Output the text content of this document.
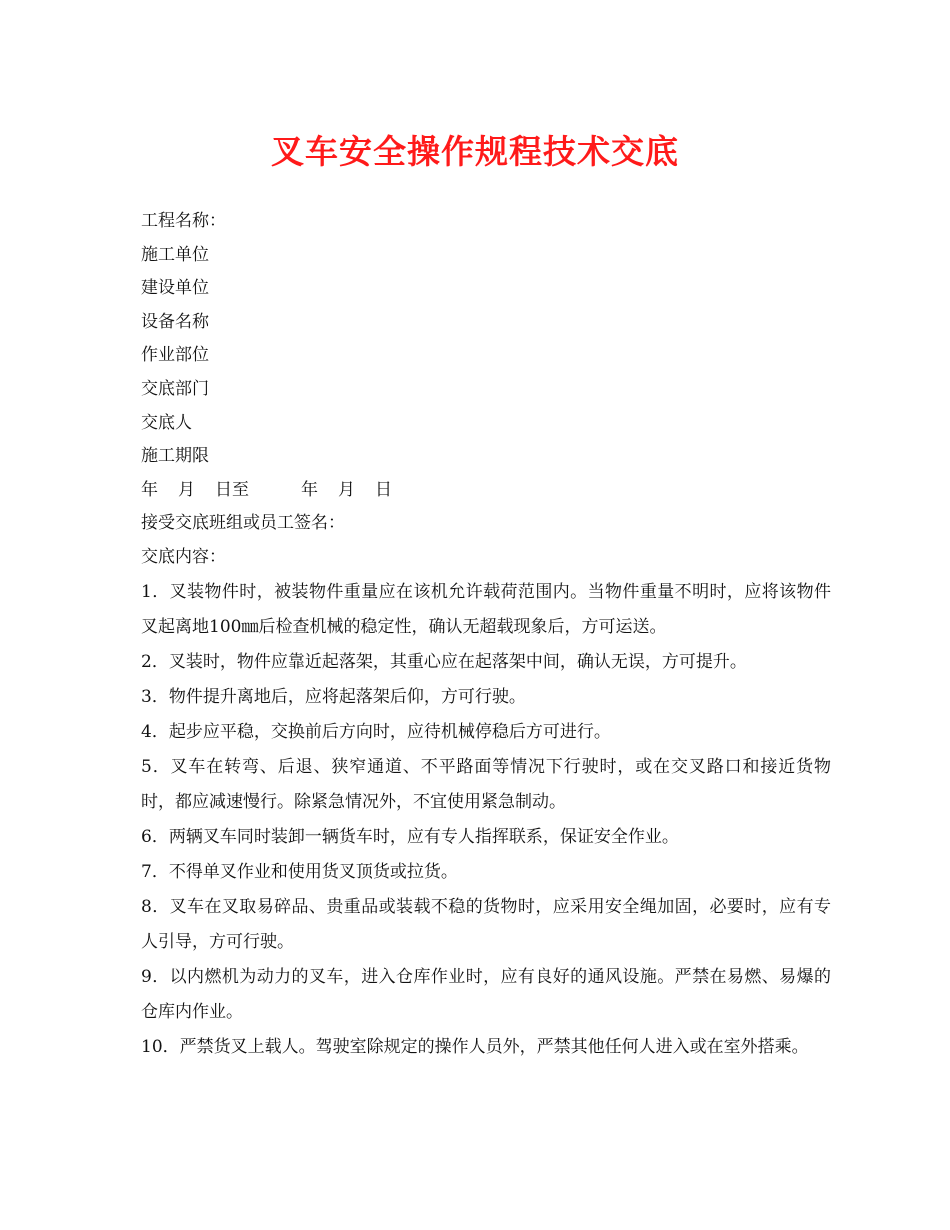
叉车安全操作规程技术交底

工程名称：

施工单位

建设单位

设备名称

作业部位

交底部门

交底人

施工期限

年 月 日至	年 月 日

接受交底班组或员工签名：

交底内容：

1．叉装物件时，被装物件重量应在该机允许载荷范围内。当物件重量不明时，应将该物件叉起离地100㎜后检查机械的稳定性，确认无超载现象后，方可运送。

2．叉装时，物件应靠近起落架，其重心应在起落架中间，确认无误，方可提升。

3．物件提升离地后，应将起落架后仰，方可行驶。

4．起步应平稳，交换前后方向时，应待机械停稳后方可进行。

5．叉车在转弯、后退、狭窄通道、不平路面等情况下行驶时，或在交叉路口和接近货物时，都应减速慢行。除紧急情况外，不宜使用紧急制动。

6．两辆叉车同时装卸一辆货车时，应有专人指挥联系，保证安全作业。

7．不得单叉作业和使用货叉顶货或拉货。

8．叉车在叉取易碎品、贵重品或装载不稳的货物时，应采用安全绳加固，必要时，应有专人引导，方可行驶。

9．以内燃机为动力的叉车，进入仓库作业时，应有良好的通风设施。严禁在易燃、易爆的仓库内作业。

10．严禁货叉上载人。驾驶室除规定的操作人员外，严禁其他任何人进入或在室外搭乘。
